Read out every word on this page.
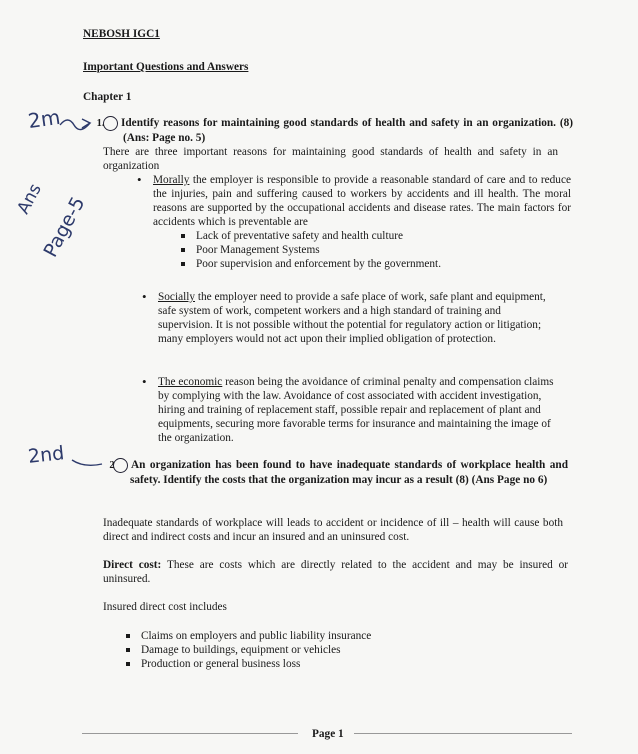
NEBOSH IGC1
Important Questions and Answers
Chapter 1
2m
Ans
Page-5
2nd
1. Identify reasons for maintaining good standards of health and safety in an organization. (8) (Ans: Page no. 5)
There are three important reasons for maintaining good standards of health and safety in an organization
• Morally the employer is responsible to provide a reasonable standard of care and to reduce the injuries, pain and suffering caused to workers by accidents and ill health. The moral reasons are supported by the occupational accidents and disease rates. The main factors for accidents which is preventable are
Lack of preventative safety and health culture
Poor Management Systems
Poor supervision and enforcement by the government.
• Socially the employer need to provide a safe place of work, safe plant and equipment, safe system of work, competent workers and a high standard of training and supervision. It is not possible without the potential for regulatory action or litigation; many employers would not act upon their implied obligation of protection.
• The economic reason being the avoidance of criminal penalty and compensation claims by complying with the law. Avoidance of cost associated with accident investigation, hiring and training of replacement staff, possible repair and replacement of plant and equipments, securing more favorable terms for insurance and maintaining the image of the organization.
2 An organization has been found to have inadequate standards of workplace health and safety. Identify the costs that the organization may incur as a result (8) (Ans Page no 6)
Inadequate standards of workplace will leads to accident or incidence of ill – health will cause both direct and indirect costs and incur an insured and an uninsured cost.
Direct cost: These are costs which are directly related to the accident and may be insured or uninsured.
Insured direct cost includes
Claims on employers and public liability insurance
Damage to buildings, equipment or vehicles
Production or general business loss
Page 1
